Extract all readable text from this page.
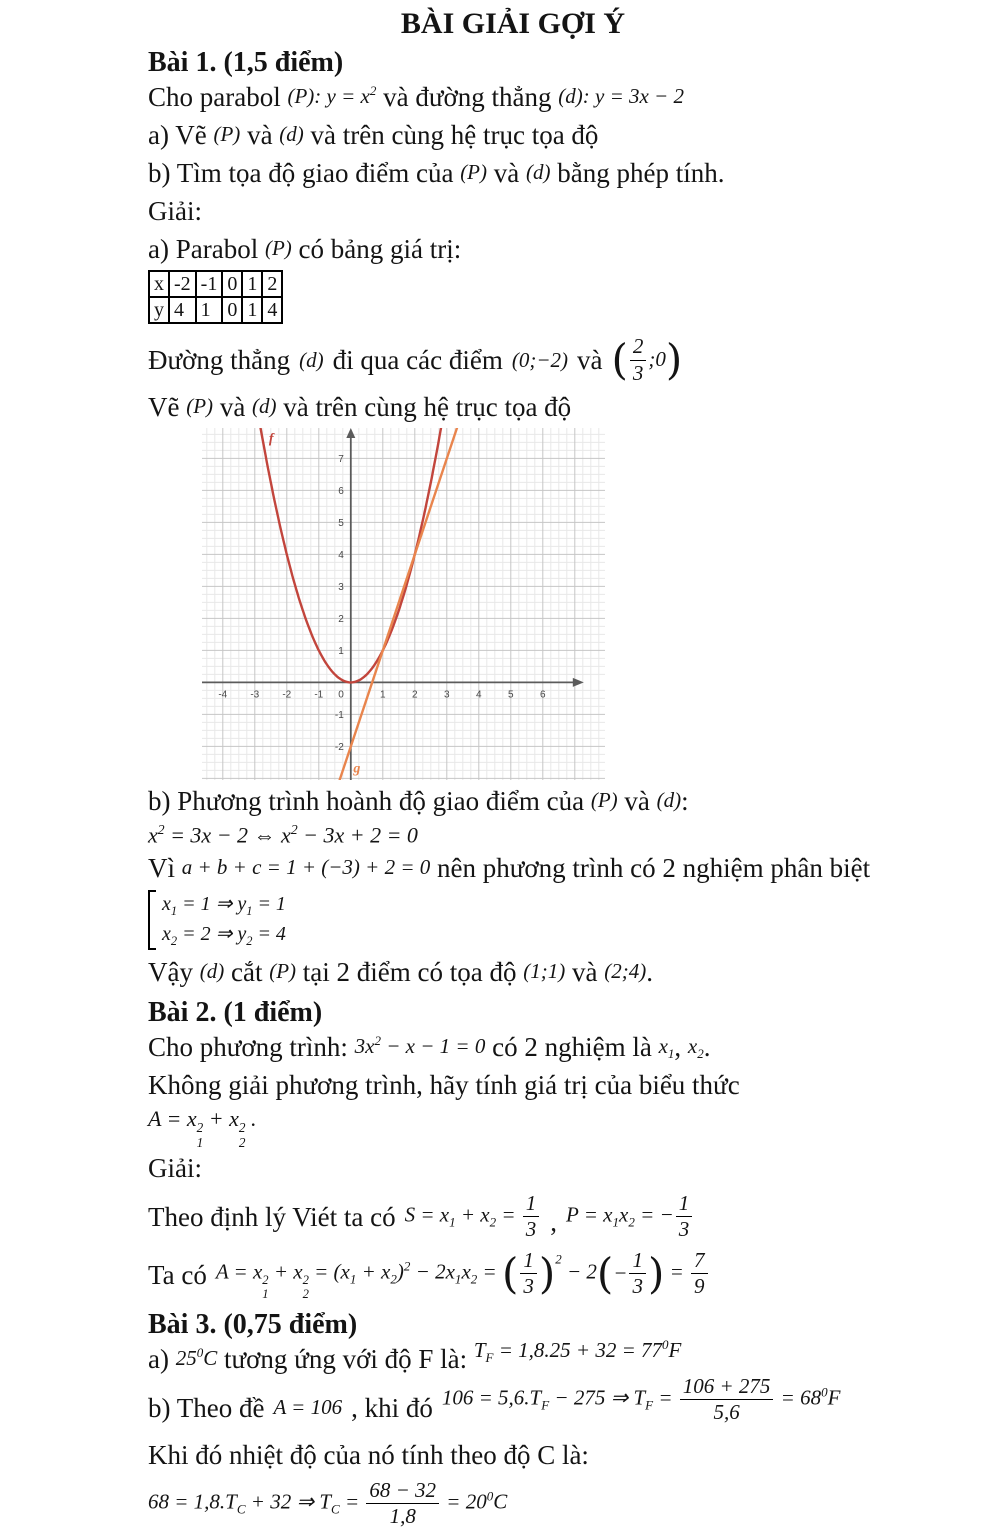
BÀI GIẢI GỢI Ý
Bài 1. (1,5 điểm)

Cho parabol (P): $y = x^2$ và đường thẳng (d): y = 3x − 2

a) Vẽ (P) và (d) và trên cùng hệ trục tọa độ

b) Tìm tọa độ giao điểm của (P) và (d) bằng phép tính.

Giải:

a) Parabol (P) có bảng giá trị:

x	-2	-1	0	1	2
y	4	1	0	1	4
Đường thẳng (d) đi qua các điểm (0;−2) và ( $\frac{2}{3}$ ;0)

Vẽ (P) và (d) và trên cùng hệ trục tọa độ

-4 -3 -2 -1	1	2	3	4	5	6
-2
-1
1
2
3
4
5
6
7
0
f
g

b) Phương trình hoành độ giao điểm của (P) và (d):

$x^2 = 3x - 2$ ⇔ $x^2 - 3x + 2 = 0$

Vì a + b + c = 1 + (−3) + 2 = 0 nên phương trình có 2 nghiệm phân biệt

$x_1 = 1$ ⇒ $y_1 = 1$
$x_2 = 2$ ⇒ $y_2 = 4$

Vậy (d) cắt (P) tại 2 điểm có tọa độ (1;1) và (2;4).

Bài 2. (1 điểm)

Cho phương trình: $3x^2 - x - 1 = 0$ có 2 nghiệm là $x_1$, $x_2$.

Không giải phương trình, hãy tính giá trị của biểu thức

A = x 2
1
+ x 2
2
.

Giải:

Theo định lý Viét ta có $S = x_1 + x_2 = \frac{1}{3}$ , $P = x_1x_2$ = − $\frac{1}{3}$
Ta có A = x 2
1
+ x 2
2
= $(x_1 + x_2)^2 - 2x_1x_2$ = ( $\frac{1}{3} )^2 - 2(- \frac{1}{3}$ ) = $\frac{7}{9}$
Bài 3. (0,75 điểm)

a) $25^0C$ tương ứng với độ F là: $^{T_F = 1,8.25 + 32 = 77^0F}$

b) Theo đề A = 106 , khi đó $106 = 5,6.T_F - 275$ ⇒ $T_F = \frac{106 + 275}{5,6} = 68^0F$

Khi đó nhiệt độ của nó tính theo độ C là:

$68 = 1,8.T_C + 32$ ⇒ $T_C = \frac{68 - 32}{1,8} = 20^0C$
